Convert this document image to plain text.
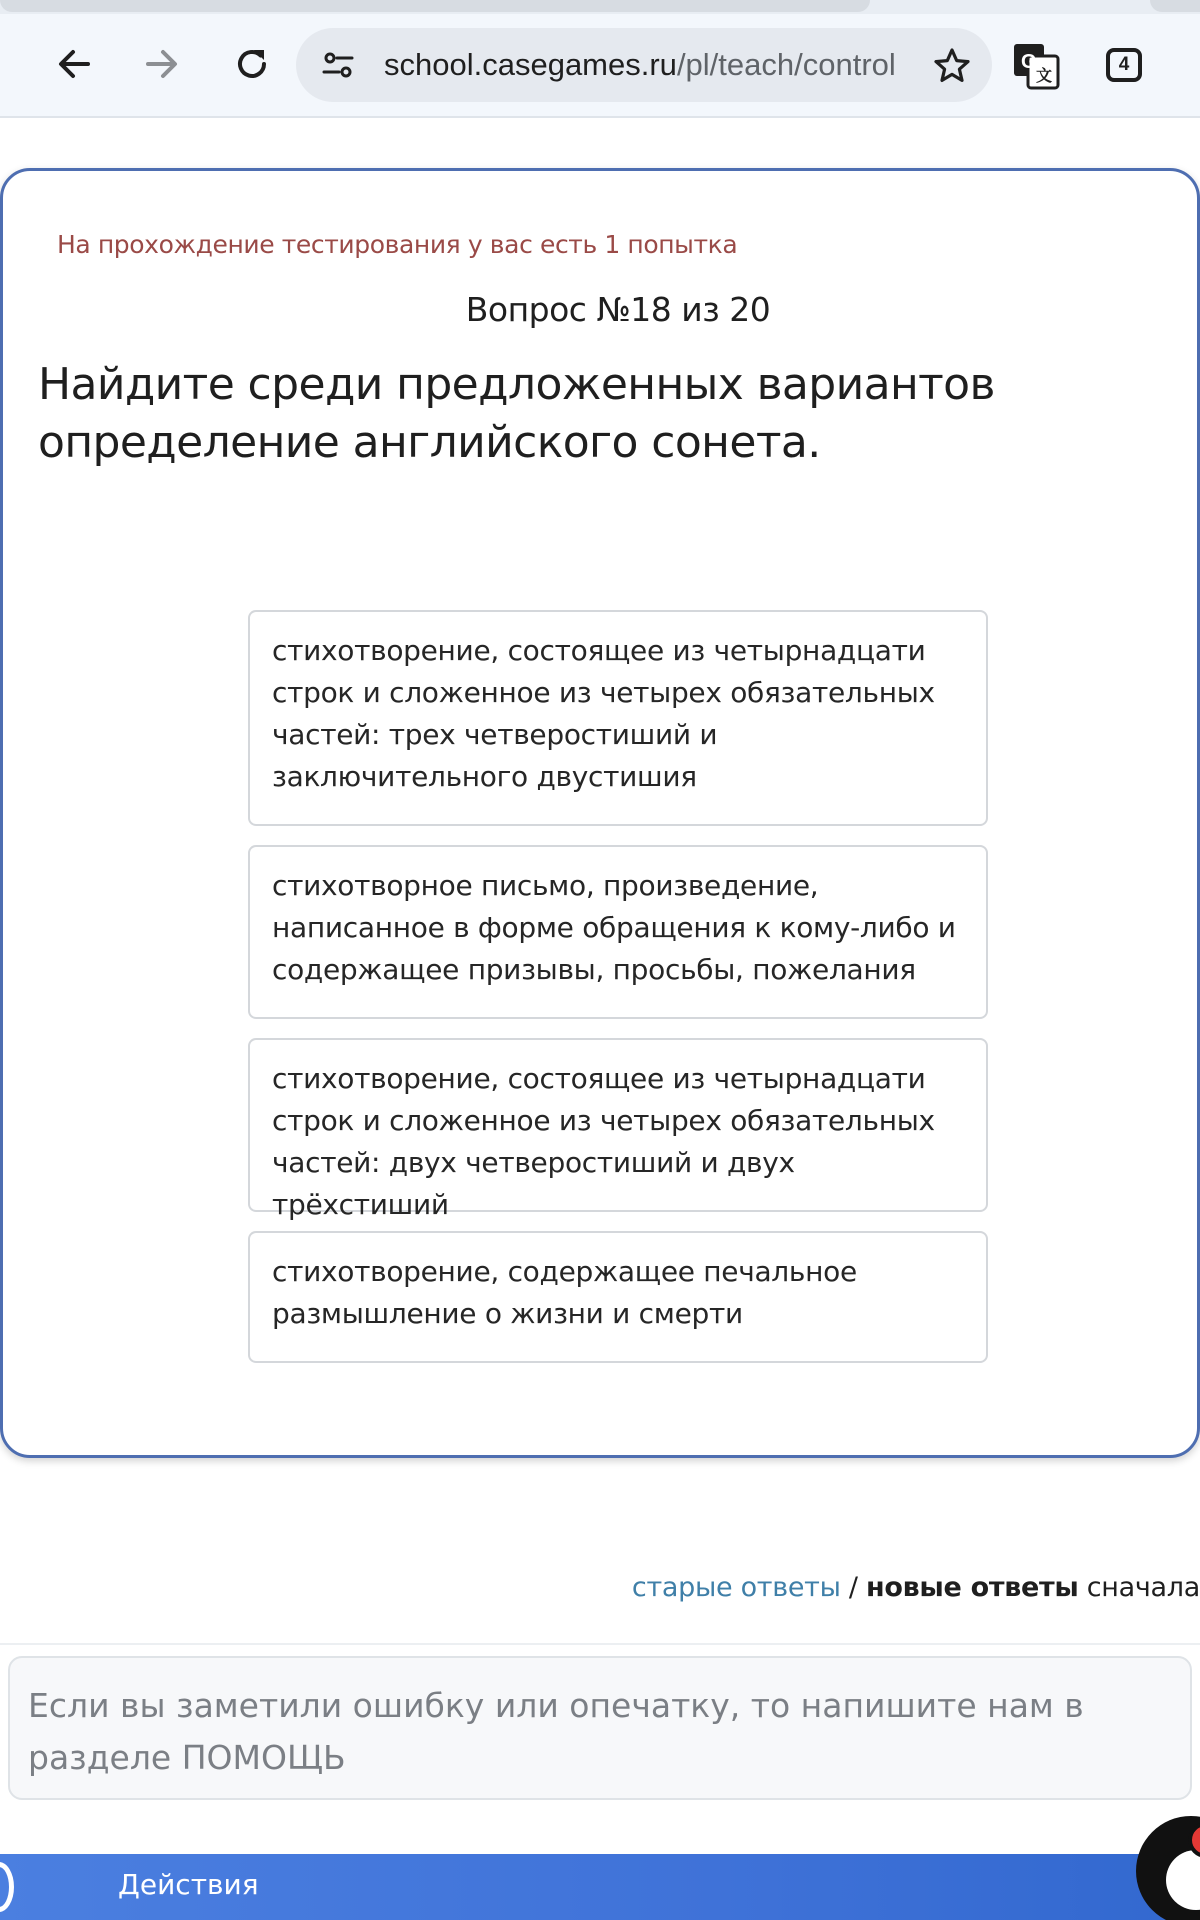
school.casegames.ru/pl/teach/control	G
文
4
На прохождение тестирования у вас есть 1 попытка
Вопрос №18 из 20
Найдите среди предложенных вариантов определение английского сонета.
стихотворение, состоящее из четырнадцати строк и сложенное из четырех обязательных частей: трех четверостиший и заключительного двустишия
стихотворное письмо, произведение, написанное в форме обращения к кому-либо и содержащее призывы, просьбы, пожелания
стихотворение, состоящее из четырнадцати строк и сложенное из четырех обязательных частей: двух четверостиший и двух трёхстиший
стихотворение, содержащее печальное размышление о жизни и смерти
старые ответы / новые ответы сначала
Если вы заметили ошибку или опечатку, то напишите нам в разделе ПОМОЩЬ
Действия
